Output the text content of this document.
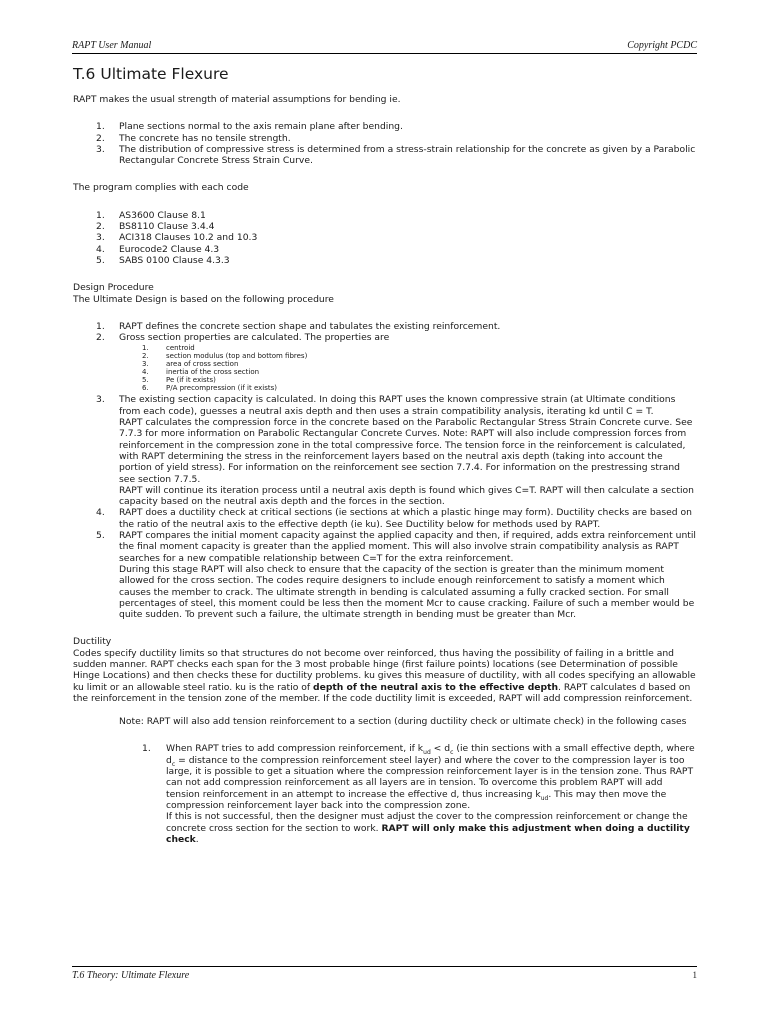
RAPT User Manual	Copyright PCDC
T.6 Ultimate Flexure

RAPT makes the usual strength of material assumptions for bending ie.

1. Plane sections normal to the axis remain plane after bending.
2. The concrete has no tensile strength.
3. The distribution of compressive stress is determined from a stress-strain relationship for the concrete as given by a Parabolic Rectangular Concrete Stress Strain Curve.

The program complies with each code

1. AS3600 Clause 8.1
2. BS8110 Clause 3.4.4
3. ACI318 Clauses 10.2 and 10.3
4. Eurocode2 Clause 4.3
5. SABS 0100 Clause 4.3.3

Design Procedure

The Ultimate Design is based on the following procedure

1. RAPT defines the concrete section shape and tabulates the existing reinforcement.
2. Gross section properties are calculated. The properties are
1. centroid
2. section modulus (top and bottom fibres)
3. area of cross section
4. inertia of the cross section
5. Pe (if it exists)
6. P/A precompression (if it exists)
3. The existing section capacity is calculated. In doing this RAPT uses the known compressive strain (at Ultimate conditions from each code), guesses a neutral axis depth and then uses a strain compatibility analysis, iterating kd until C = T.
RAPT calculates the compression force in the concrete based on the Parabolic Rectangular Stress Strain Concrete curve. See 7.7.3 for more information on Parabolic Rectangular Concrete Curves. Note: RAPT will also include compression forces from reinforcement in the compression zone in the total compressive force. The tension force in the reinforcement is calculated, with RAPT determining the stress in the reinforcement layers based on the neutral axis depth (taking into account the portion of yield stress). For information on the reinforcement see section 7.7.4. For information on the prestressing strand see section 7.7.5.
RAPT will continue its iteration process until a neutral axis depth is found which gives C=T. RAPT will then calculate a section capacity based on the neutral axis depth and the forces in the section.
4. RAPT does a ductility check at critical sections (ie sections at which a plastic hinge may form). Ductility checks are based on the ratio of the neutral axis to the effective depth (ie ku). See Ductility below for methods used by RAPT.
5. RAPT compares the initial moment capacity against the applied capacity and then, if required, adds extra reinforcement until the final moment capacity is greater than the applied moment. This will also involve strain compatibility analysis as RAPT searches for a new compatible relationship between C=T for the extra reinforcement.
During this stage RAPT will also check to ensure that the capacity of the section is greater than the minimum moment allowed for the cross section. The codes require designers to include enough reinforcement to satisfy a moment which causes the member to crack. The ultimate strength in bending is calculated assuming a fully cracked section. For small percentages of steel, this moment could be less then the moment Mcr to cause cracking. Failure of such a member would be quite sudden. To prevent such a failure, the ultimate strength in bending must be greater than Mcr.

Ductility

Codes specify ductility limits so that structures do not become over reinforced, thus having the possibility of failing in a brittle and sudden manner. RAPT checks each span for the 3 most probable hinge (first failure points) locations (see Determination of possible Hinge Locations) and then checks these for ductility problems. ku gives this measure of ductility, with all codes specifying an allowable ku limit or an allowable steel ratio. ku is the ratio of depth of the neutral axis to the effective depth. RAPT calculates d based on the reinforcement in the tension zone of the member. If the code ductility limit is exceeded, RAPT will add compression reinforcement.

Note: RAPT will also add tension reinforcement to a section (during ductility check or ultimate check) in the following cases

1. When RAPT tries to add compression reinforcement, if $k_{ud} < d_c$ (ie thin sections with a small effective depth, where $d_c$ = distance to the compression reinforcement steel layer) and where the cover to the compression layer is too large, it is possible to get a situation where the compression reinforcement layer is in the tension zone. Thus RAPT can not add compression reinforcement as all layers are in tension. To overcome this problem RAPT will add tension reinforcement in an attempt to increase the effective d, thus increasing $k_{ud}$. This may then move the compression reinforcement layer back into the compression zone.
If this is not successful, then the designer must adjust the cover to the compression reinforcement or change the concrete cross section for the section to work. RAPT will only make this adjustment when doing a ductility check.
T.6 Theory: Ultimate Flexure	1
